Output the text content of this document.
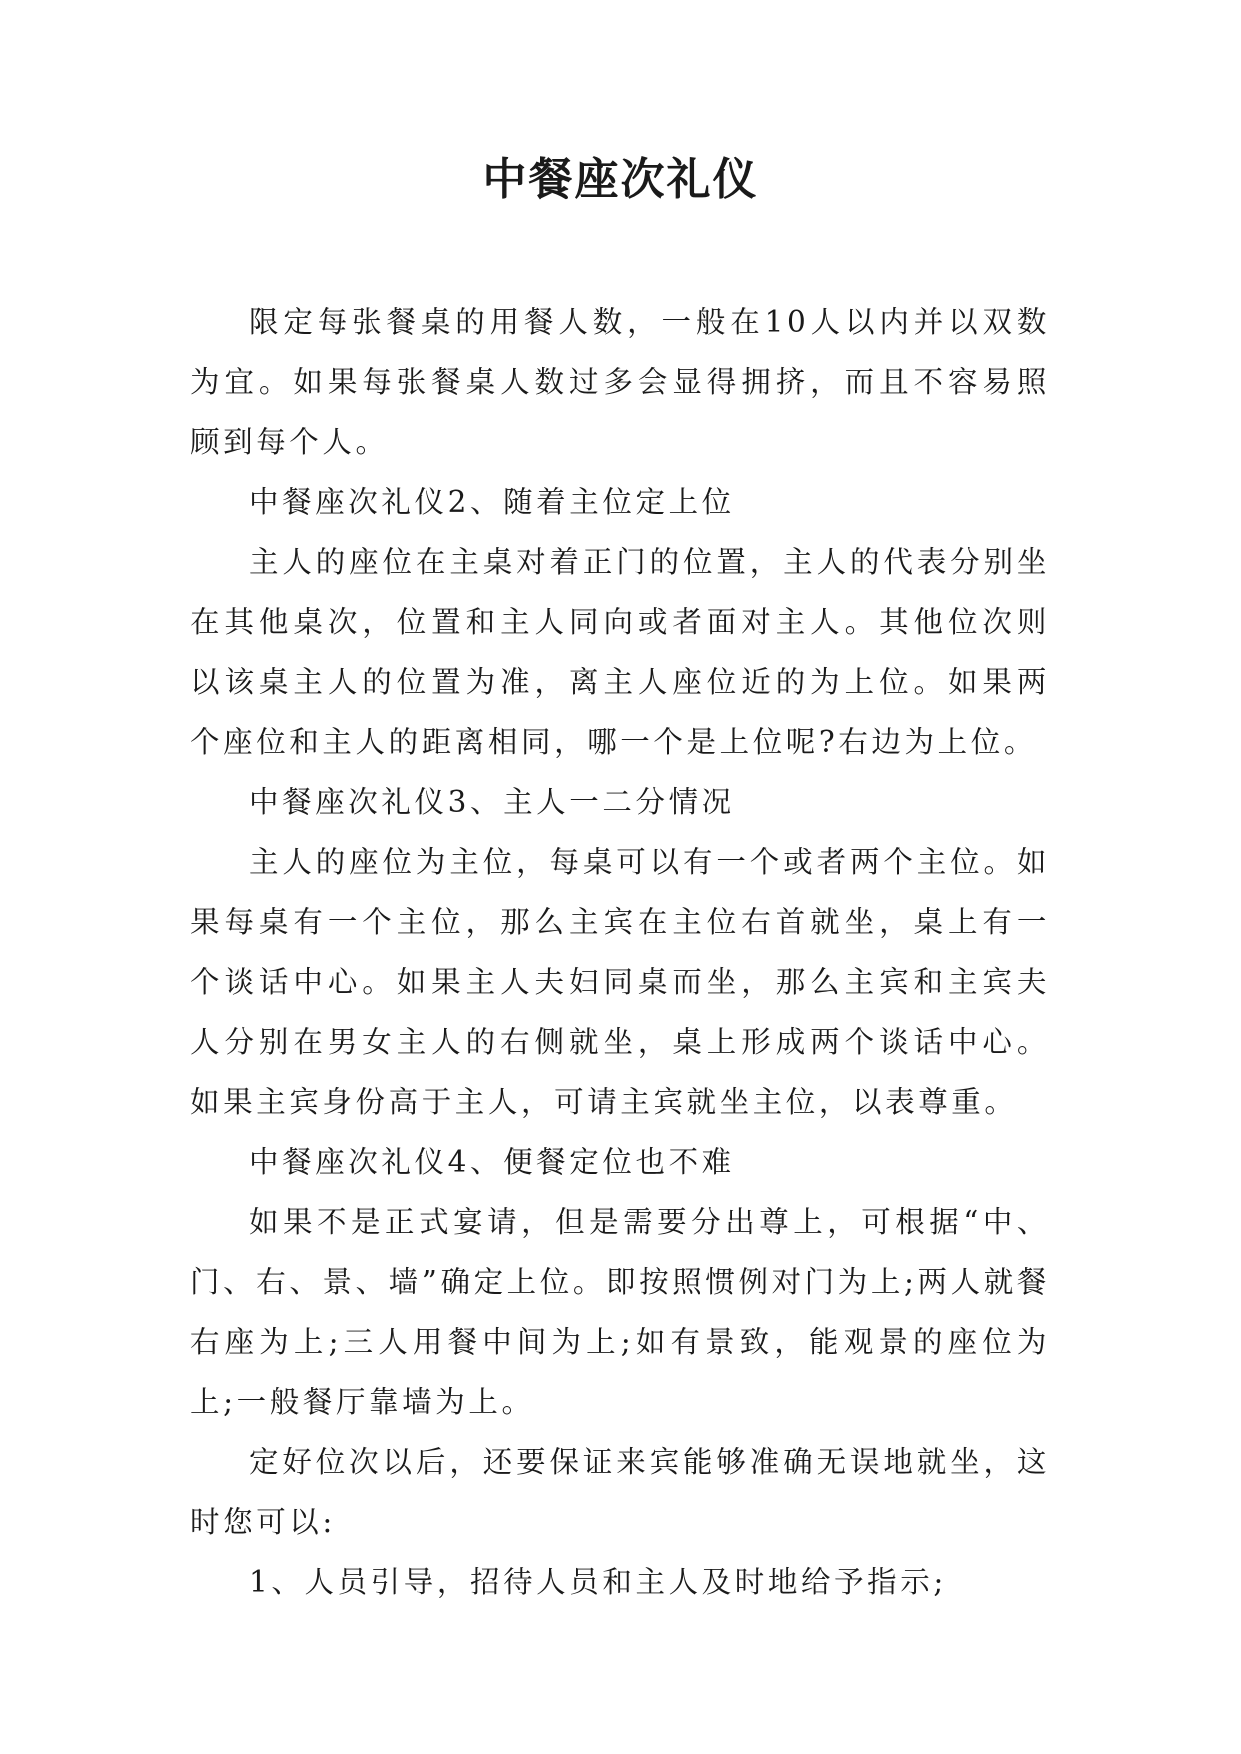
中餐座次礼仪

限定每张餐桌的用餐人数，一般在10人以内并以双数为宜。如果每张餐桌人数过多会显得拥挤，而且不容易照顾到每个人。

中餐座次礼仪2、随着主位定上位

主人的座位在主桌对着正门的位置，主人的代表分别坐在其他桌次，位置和主人同向或者面对主人。其他位次则以该桌主人的位置为准，离主人座位近的为上位。如果两个座位和主人的距离相同，哪一个是上位呢?右边为上位。

中餐座次礼仪3、主人一二分情况

主人的座位为主位，每桌可以有一个或者两个主位。如果每桌有一个主位，那么主宾在主位右首就坐，桌上有一个谈话中心。如果主人夫妇同桌而坐，那么主宾和主宾夫人分别在男女主人的右侧就坐，桌上形成两个谈话中心。如果主宾身份高于主人，可请主宾就坐主位，以表尊重。

中餐座次礼仪4、便餐定位也不难

如果不是正式宴请，但是需要分出尊上，可根据“中、门、右、景、墙”确定上位。即按照惯例对门为上;两人就餐右座为上;三人用餐中间为上;如有景致，能观景的座位为上;一般餐厅靠墙为上。

定好位次以后，还要保证来宾能够准确无误地就坐，这时您可以:

1、人员引导，招待人员和主人及时地给予指示;
